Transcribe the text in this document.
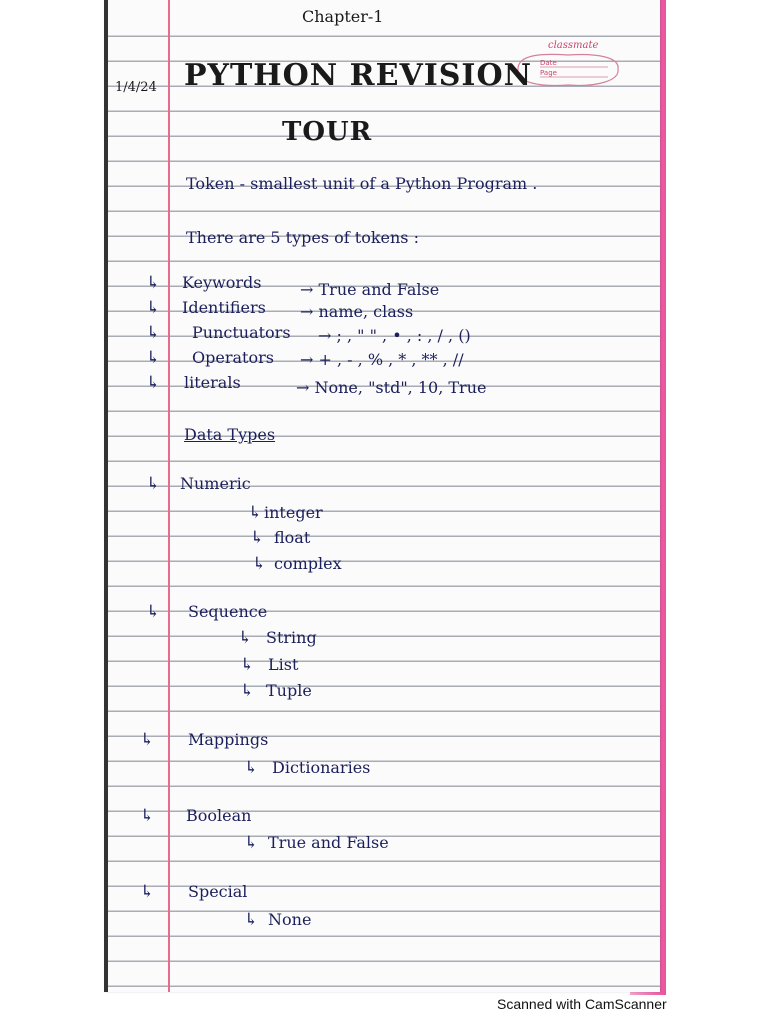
classmate
Date
Page
Chapter-1
1/4/24 PYTHON REVISION
TOUR
Token - smallest unit of a Python Program .
There are 5 types of tokens :
↳ Keywords → True and False
↳ Identifiers → name, class
↳ Punctuators → ; , " " , • , : , / , ()
↳ Operators → + , - , % , * , ** , //
↳ literals	→ None, "std", 10, True
Data Types
↳ Numeric
↳ integer
↳ float
↳ complex
↳ Sequence
↳ String
↳ List
↳ Tuple
↳ Mappings
↳ Dictionaries
↳ Boolean
↳ True and False
↳ Special
↳ None
Scanned with CamScanner
